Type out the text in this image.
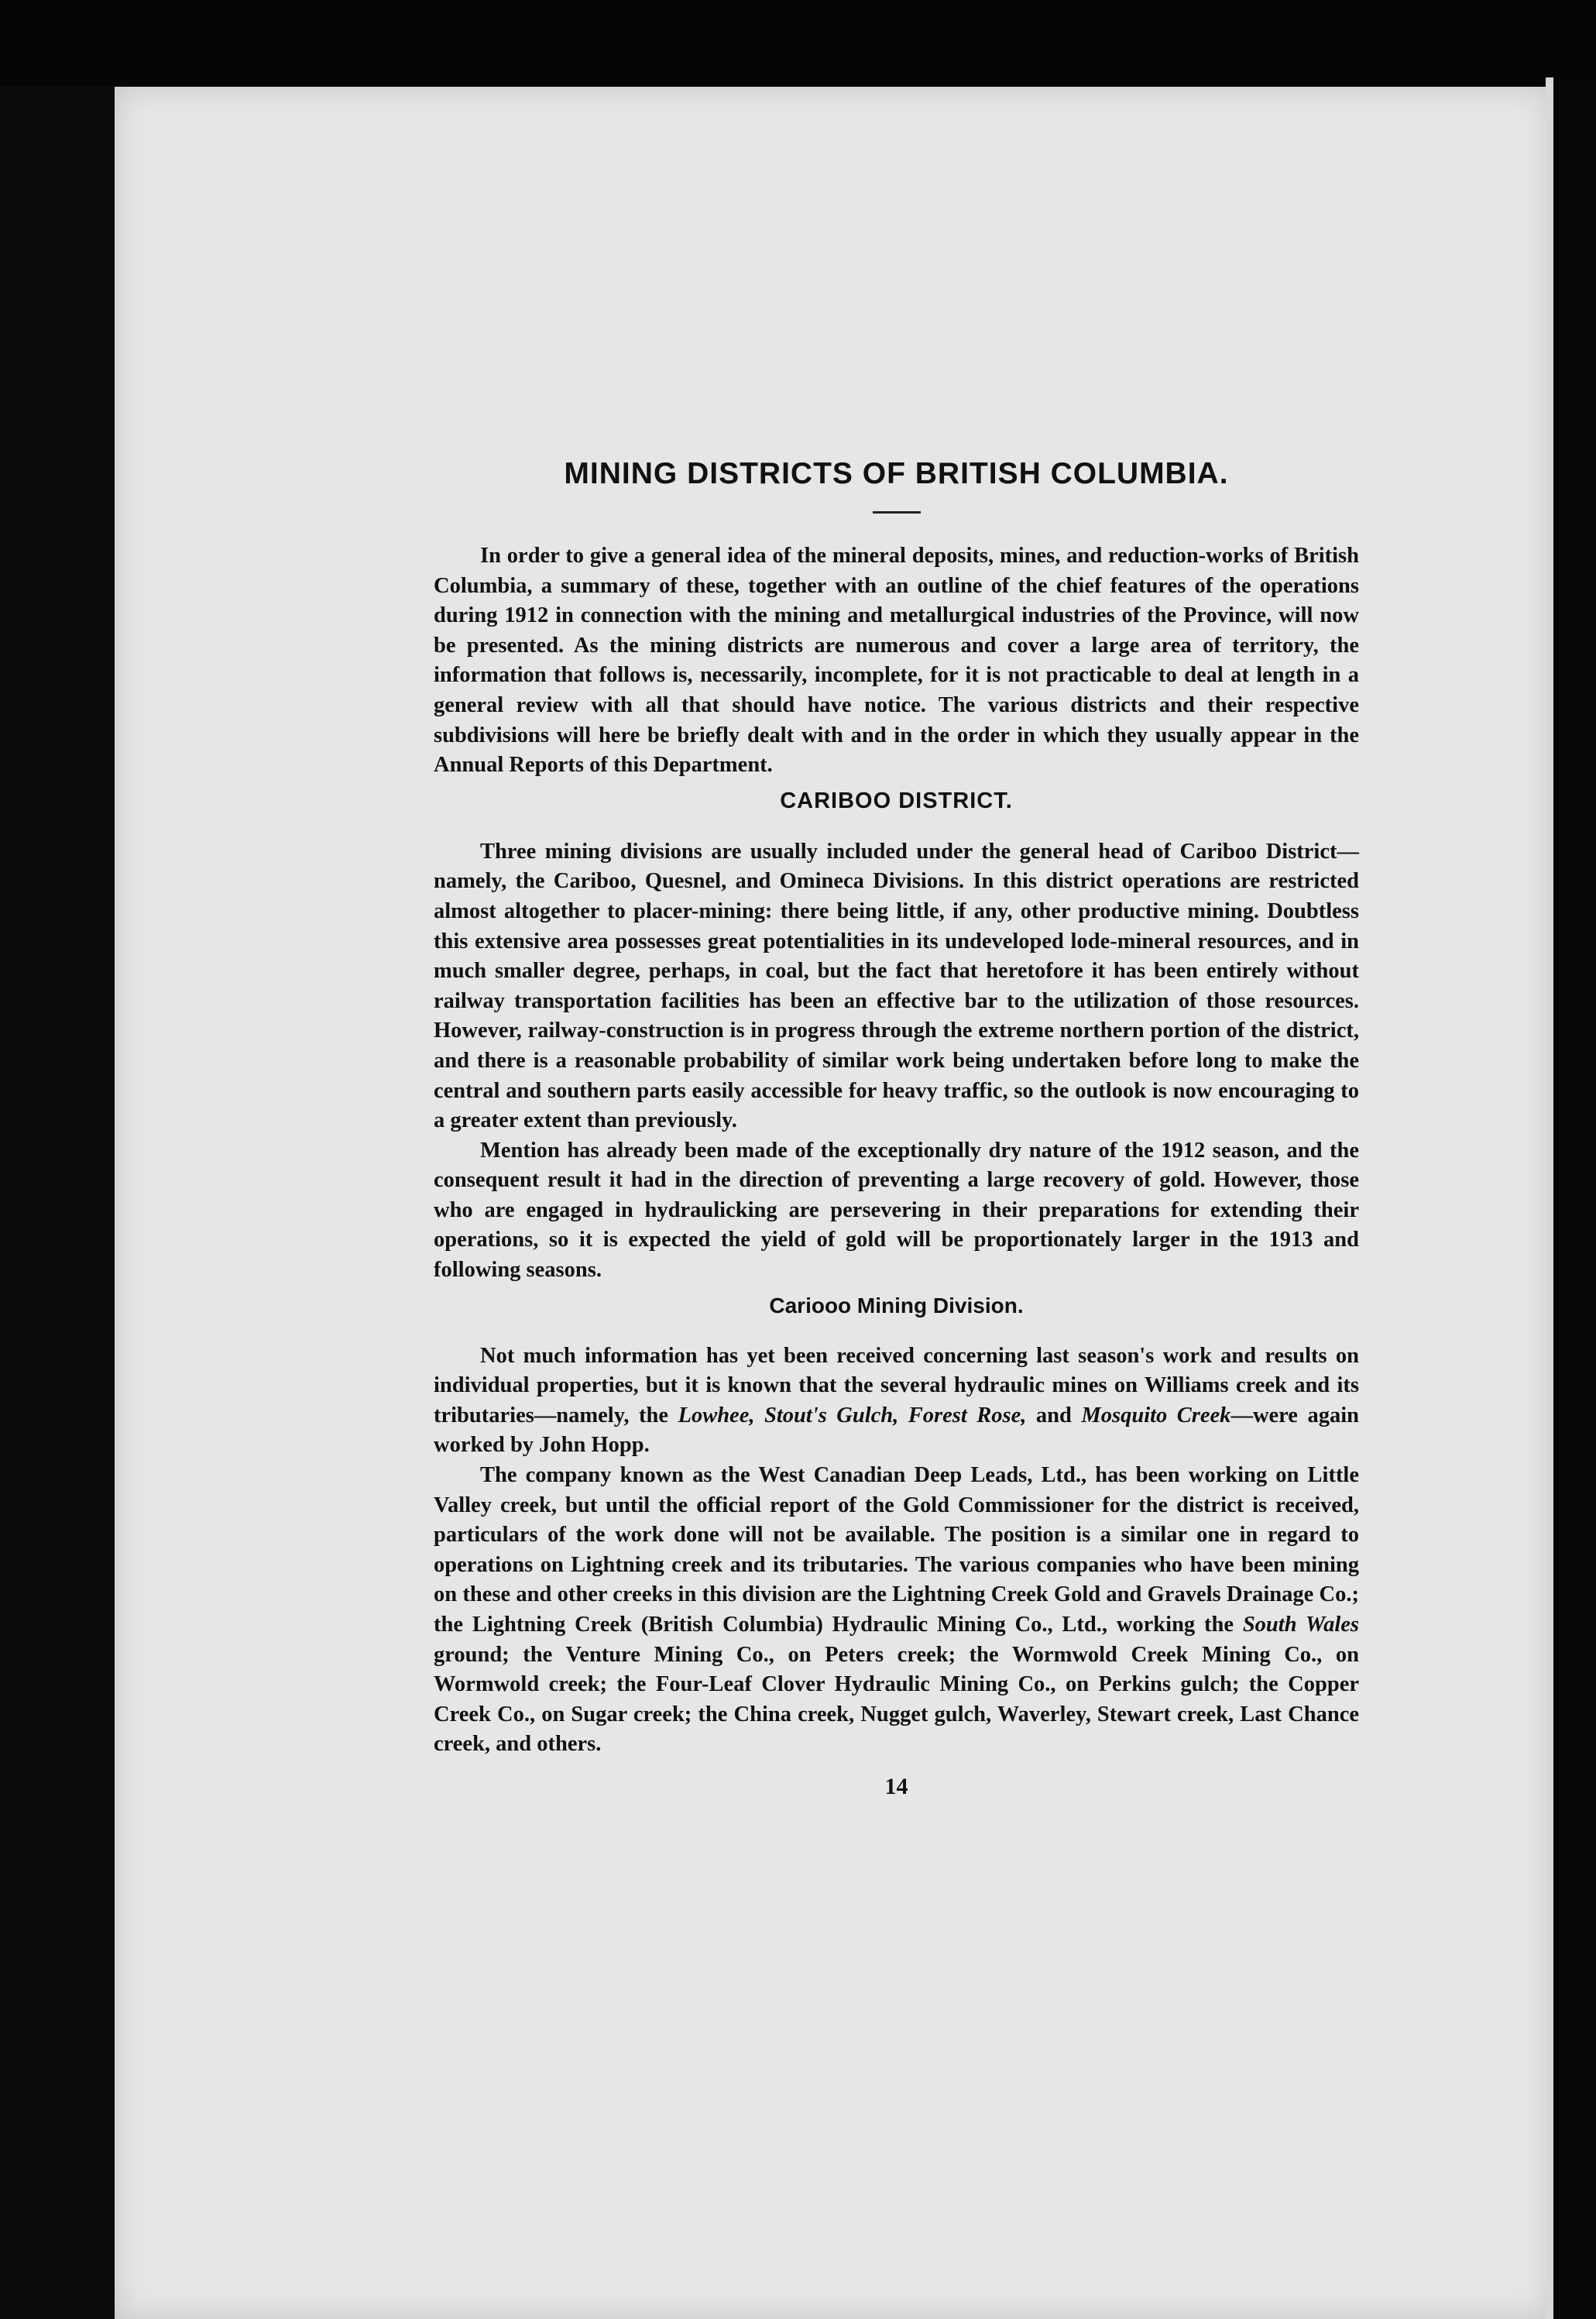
MINING DISTRICTS OF BRITISH COLUMBIA.

In order to give a general idea of the mineral deposits, mines, and reduction-works of British Columbia, a summary of these, together with an outline of the chief features of the operations during 1912 in connection with the mining and metallurgical industries of the Province, will now be presented. As the mining districts are numerous and cover a large area of territory, the information that follows is, necessarily, incomplete, for it is not practicable to deal at length in a general review with all that should have notice. The various districts and their respective subdivisions will here be briefly dealt with and in the order in which they usually appear in the Annual Reports of this Department.

CARIBOO DISTRICT.

Three mining divisions are usually included under the general head of Cariboo District—namely, the Cariboo, Quesnel, and Omineca Divisions. In this district operations are restricted almost altogether to placer-mining: there being little, if any, other productive mining. Doubtless this extensive area possesses great potentialities in its undeveloped lode-mineral resources, and in much smaller degree, perhaps, in coal, but the fact that heretofore it has been entirely without railway transportation facilities has been an effective bar to the utilization of those resources. However, railway-construction is in progress through the extreme northern portion of the district, and there is a reasonable probability of similar work being undertaken before long to make the central and southern parts easily accessible for heavy traffic, so the outlook is now encouraging to a greater extent than previously.

Mention has already been made of the exceptionally dry nature of the 1912 season, and the consequent result it had in the direction of preventing a large recovery of gold. However, those who are engaged in hydraulicking are persevering in their preparations for extending their operations, so it is expected the yield of gold will be proportionately larger in the 1913 and following seasons.

Cariooo Mining Division.

Not much information has yet been received concerning last season's work and results on individual properties, but it is known that the several hydraulic mines on Williams creek and its tributaries—namely, the Lowhee, Stout's Gulch, Forest Rose, and Mosquito Creek—were again worked by John Hopp.

The company known as the West Canadian Deep Leads, Ltd., has been working on Little Valley creek, but until the official report of the Gold Commissioner for the district is received, particulars of the work done will not be available. The position is a similar one in regard to operations on Lightning creek and its tributaries. The various companies who have been mining on these and other creeks in this division are the Lightning Creek Gold and Gravels Drainage Co.; the Lightning Creek (British Columbia) Hydraulic Mining Co., Ltd., working the South Wales ground; the Venture Mining Co., on Peters creek; the Wormwold Creek Mining Co., on Wormwold creek; the Four-Leaf Clover Hydraulic Mining Co., on Perkins gulch; the Copper Creek Co., on Sugar creek; the China creek, Nugget gulch, Waverley, Stewart creek, Last Chance creek, and others.

14
